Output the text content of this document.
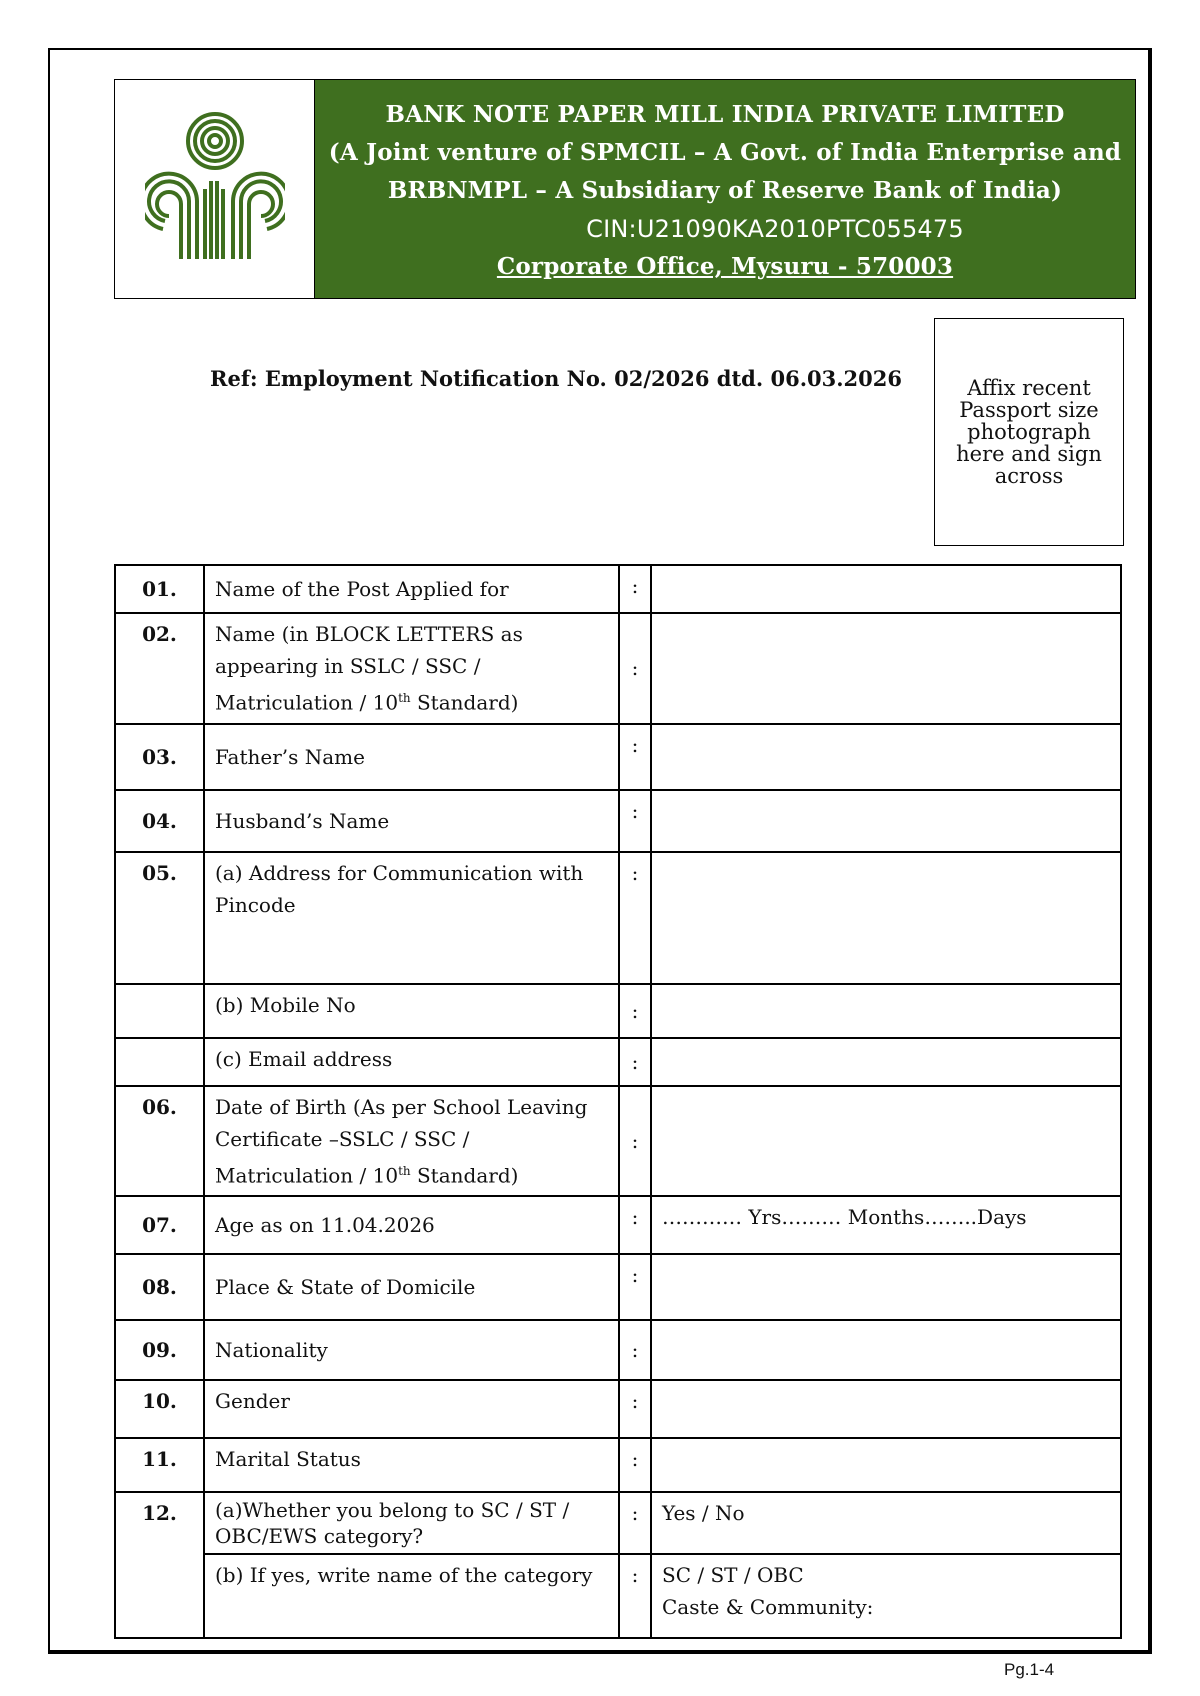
BANK NOTE PAPER MILL INDIA PRIVATE LIMITED
(A Joint venture of SPMCIL – A Govt. of India Enterprise and
BRBNMPL – A Subsidiary of Reserve Bank of India)
CIN:U21090KA2010PTC055475
Corporate Office, Mysuru - 570003
Ref: Employment Notification No. 02/2026 dtd. 06.03.2026	Affix recent
Passport size
photograph
here and sign
across
01.	Name of the Post Applied for	:	
02.	Name (in BLOCK LETTERS as appearing in SSLC / SSC / Matriculation / 10th Standard)	:	
03.	Father’s Name	:	
04.	Husband’s Name	:	
05.	(a) Address for Communication with Pincode	:	
	(b) Mobile No	:	
	(c) Email address	:	
06.	Date of Birth (As per School Leaving Certificate –SSLC / SSC / Matriculation / 10th Standard)	:	
07.	Age as on 11.04.2026	:	………… Yrs……… Months……..Days
08.	Place & State of Domicile	:	
09.	Nationality	:	
10.	Gender	:	
11.	Marital Status	:	
12.	(a)Whether you belong to SC / ST / OBC/EWS category?	:	Yes / No
	(b) If yes, write name of the category	:	SC / ST / OBC
Caste & Community:
Pg.1-4
